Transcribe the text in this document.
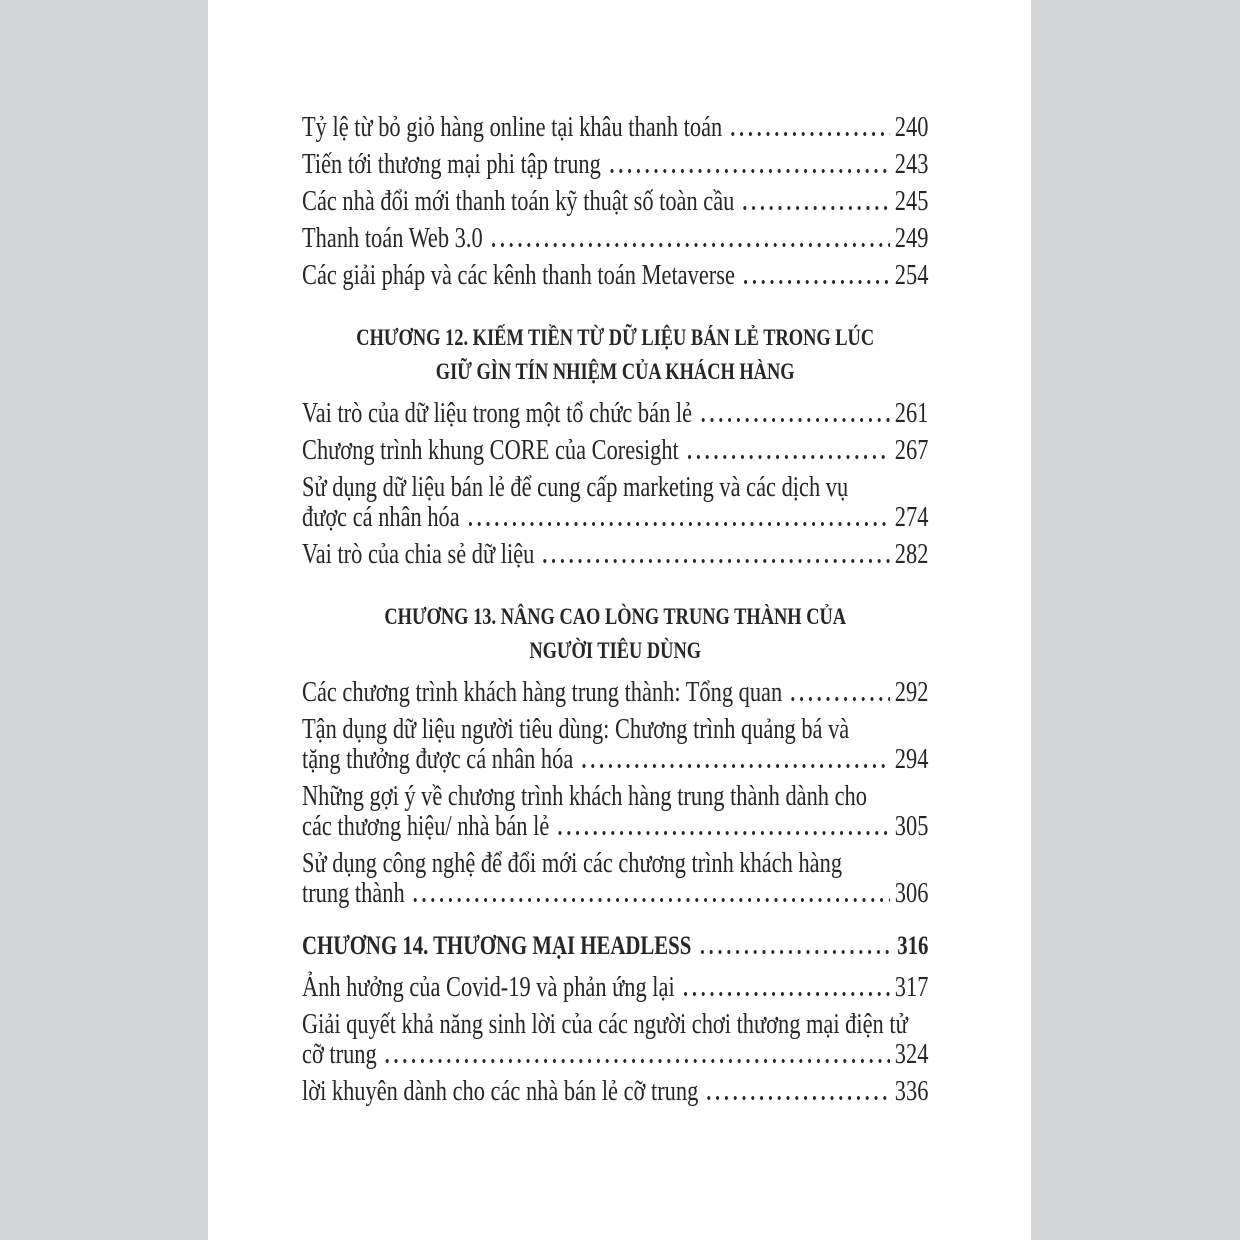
Tỷ lệ từ bỏ giỏ hàng online tại khâu thanh toán	240
Tiến tới thương mại phi tập trung	243
Các nhà đổi mới thanh toán kỹ thuật số toàn cầu	245
Thanh toán Web 3.0	249
Các giải pháp và các kênh thanh toán Metaverse	254
CHƯƠNG 12. KIẾM TIỀN TỪ DỮ LIỆU BÁN LẺ TRONG LÚC
GIỮ GÌN TÍN NHIỆM CỦA KHÁCH HÀNG
Vai trò của dữ liệu trong một tổ chức bán lẻ	261
Chương trình khung CORE của Coresight	267
Sử dụng dữ liệu bán lẻ để cung cấp marketing và các dịch vụ
được cá nhân hóa	274
Vai trò của chia sẻ dữ liệu	282
CHƯƠNG 13. NÂNG CAO LÒNG TRUNG THÀNH CỦA
NGƯỜI TIÊU DÙNG
Các chương trình khách hàng trung thành: Tổng quan	292
Tận dụng dữ liệu người tiêu dùng: Chương trình quảng bá và
tặng thưởng được cá nhân hóa	294
Những gợi ý về chương trình khách hàng trung thành dành cho
các thương hiệu/ nhà bán lẻ	305
Sử dụng công nghệ để đổi mới các chương trình khách hàng
trung thành	306
CHƯƠNG 14. THƯƠNG MẠI HEADLESS	316
Ảnh hưởng của Covid-19 và phản ứng lại	317
Giải quyết khả năng sinh lời của các người chơi thương mại điện tử
cỡ trung	324
lời khuyên dành cho các nhà bán lẻ cỡ trung	336
